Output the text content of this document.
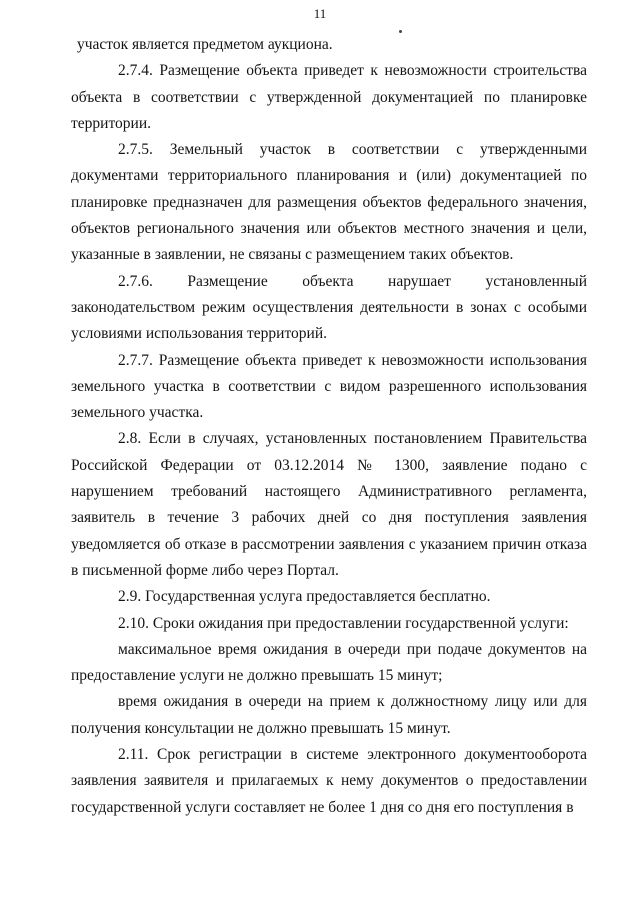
11

участок является предметом аукциона.

2.7.4. Размещение объекта приведет к невозможности строительства объекта в соответствии с утвержденной документацией по планировке территории.

2.7.5. Земельный участок в соответствии с утвержденными документами территориального планирования и (или) документацией по планировке предназначен для размещения объектов федерального значения, объектов регионального значения или объектов местного значения и цели, указанные в заявлении, не связаны с размещением таких объектов.

2.7.6. Размещение объекта нарушает установленный законодательством режим осуществления деятельности в зонах с особыми условиями использования территорий.

2.7.7. Размещение объекта приведет к невозможности использования земельного участка в соответствии с видом разрешенного использования земельного участка.

2.8. Если в случаях, установленных постановлением Правительства Российской Федерации от 03.12.2014 № 1300, заявление подано с нарушением требований настоящего Административного регламента, заявитель в течение 3 рабочих дней со дня поступления заявления уведомляется об отказе в рассмотрении заявления с указанием причин отказа в письменной форме либо через Портал.

2.9. Государственная услуга предоставляется бесплатно.

2.10. Сроки ожидания при предоставлении государственной услуги:

максимальное время ожидания в очереди при подаче документов на предоставление услуги не должно превышать 15 минут;

время ожидания в очереди на прием к должностному лицу или для получения консультации не должно превышать 15 минут.

2.11. Срок регистрации в системе электронного документооборота заявления заявителя и прилагаемых к нему документов о предоставлении государственной услуги составляет не более 1 дня со дня его поступления в
